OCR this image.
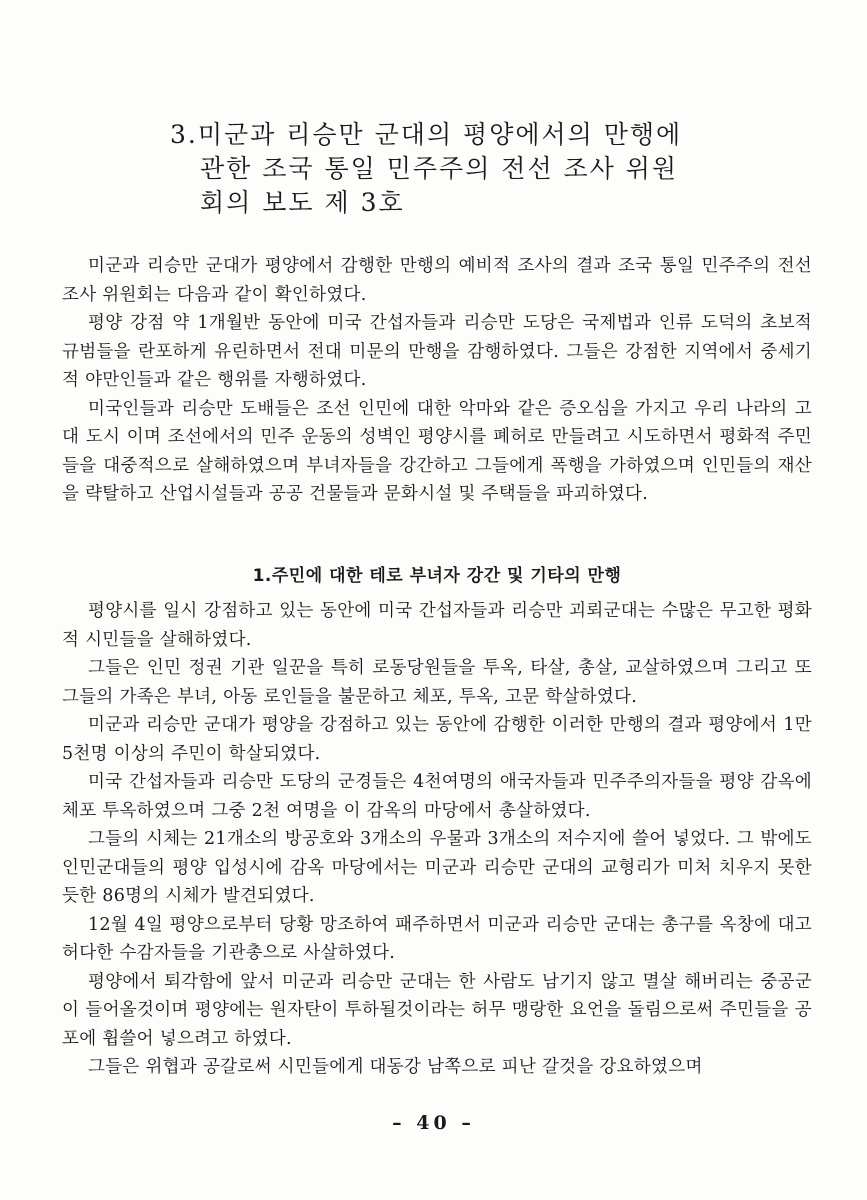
3.미군과 리승만 군대의 평양에서의 만행에
관한 조국 통일 민주주의 전선 조사 위원
회의 보도 제 3호

미군과 리승만 군대가 평양에서 감행한 만행의 예비적 조사의 결과 조국 통일 민주주의 전선 조사 위원회는 다음과 같이 확인하였다.

평양 강점 약 1개월반 동안에 미국 간섭자들과 리승만 도당은 국제법과 인류 도덕의 초보적 규범들을 란포하게 유린하면서 전대 미문의 만행을 감행하였다. 그들은 강점한 지역에서 중세기적 야만인들과 같은 행위를 자행하였다.

미국인들과 리승만 도배들은 조선 인민에 대한 악마와 같은 증오심을 가지고 우리 나라의 고대 도시 이며 조선에서의 민주 운동의 성벽인 평양시를 폐허로 만들려고 시도하면서 평화적 주민들을 대중적으로 살해하였으며 부녀자들을 강간하고 그들에게 폭행을 가하였으며 인민들의 재산을 략탈하고 산업시설들과 공공 건물들과 문화시설 및 주택들을 파괴하였다.

1.주민에 대한 테로 부녀자 강간 및 기타의 만행

평양시를 일시 강점하고 있는 동안에 미국 간섭자들과 리승만 괴뢰군대는 수많은 무고한 평화적 시민들을 살해하였다.

그들은 인민 정권 기관 일꾼을 특히 로동당원들을 투옥, 타살, 총살, 교살하였으며 그리고 또 그들의 가족은 부녀, 아동 로인들을 불문하고 체포, 투옥, 고문 학살하였다.

미군과 리승만 군대가 평양을 강점하고 있는 동안에 감행한 이러한 만행의 결과 평양에서 1만 5천명 이상의 주민이 학살되였다.

미국 간섭자들과 리승만 도당의 군경들은 4천여명의 애국자들과 민주주의자들을 평양 감옥에 체포 투옥하였으며 그중 2천 여명을 이 감옥의 마당에서 총살하였다.

그들의 시체는 21개소의 방공호와 3개소의 우물과 3개소의 저수지에 쓸어 넣었다. 그 밖에도 인민군대들의 평양 입성시에 감옥 마당에서는 미군과 리승만 군대의 교형리가 미처 치우지 못한듯한 86명의 시체가 발견되였다.

12월 4일 평양으로부터 당황 망조하여 패주하면서 미군과 리승만 군대는 총구를 옥창에 대고 허다한 수감자들을 기관총으로 사살하였다.

평양에서 퇴각함에 앞서 미군과 리승만 군대는 한 사람도 남기지 않고 멸살 해버리는 중공군이 들어올것이며 평양에는 원자탄이 투하될것이라는 허무 맹랑한 요언을 돌림으로써 주민들을 공포에 휩쓸어 넣으려고 하였다.

그들은 위협과 공갈로써 시민들에게 대동강 남쪽으로 피난 갈것을 강요하였으며

– 40 –
